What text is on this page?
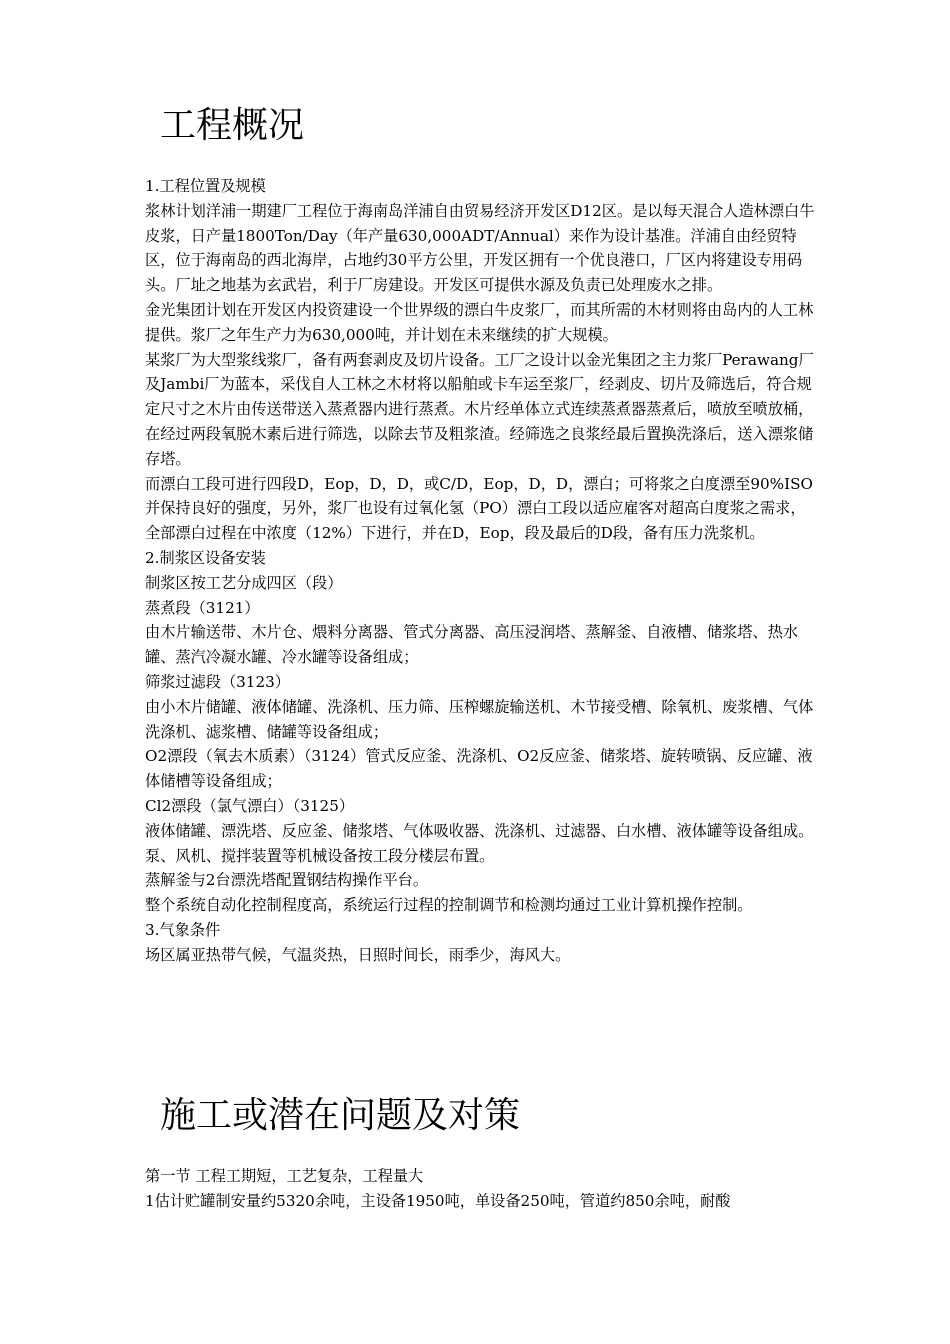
工程概况

1.工程位置及规模

浆林计划洋浦一期建厂工程位于海南岛洋浦自由贸易经济开发区D12区。是以每天混合人造林漂白牛皮浆，日产量1800Ton/Day（年产量630,000ADT/Annual）来作为设计基准。洋浦自由经贸特区，位于海南岛的西北海岸，占地约30平方公里，开发区拥有一个优良港口，厂区内将建设专用码头。厂址之地基为玄武岩，利于厂房建设。开发区可提供水源及负责已处理废水之排。

金光集团计划在开发区内投资建设一个世界级的漂白牛皮浆厂，而其所需的木材则将由岛内的人工林提供。浆厂之年生产力为630,000吨，并计划在未来继续的扩大规模。

某浆厂为大型浆线浆厂，备有两套剥皮及切片设备。工厂之设计以金光集团之主力浆厂Perawang厂及Jambi厂为蓝本，采伐自人工林之木材将以船舶或卡车运至浆厂，经剥皮、切片及筛选后，符合规定尺寸之木片由传送带送入蒸煮器内进行蒸煮。木片经单体立式连续蒸煮器蒸煮后，喷放至喷放桶，在经过两段氧脱木素后进行筛选，以除去节及粗浆渣。经筛选之良浆经最后置换洗涤后，送入漂浆储存塔。

而漂白工段可进行四段D，Eop，D，D，或C/D，Eop，D，D，漂白；可将浆之白度漂至90%ISO并保持良好的强度，另外，浆厂也设有过氧化氢（PO）漂白工段以适应雇客对超高白度浆之需求，全部漂白过程在中浓度（12%）下进行，并在D，Eop，段及最后的D段，备有压力洗浆机。

2.制浆区设备安装

制浆区按工艺分成四区（段）

蒸煮段（3121）

由木片输送带、木片仓、煨料分离器、管式分离器、高压浸润塔、蒸解釜、自液槽、储浆塔、热水罐、蒸汽冷凝水罐、冷水罐等设备组成；

筛浆过滤段（3123）

由小木片储罐、液体储罐、洗涤机、压力筛、压榨螺旋输送机、木节接受槽、除氧机、废浆槽、气体洗涤机、滤浆槽、储罐等设备组成；

O2漂段（氧去木质素）（3124）管式反应釜、洗涤机、O2反应釜、储浆塔、旋转喷锅、反应罐、液体储槽等设备组成；

Cl2漂段（氯气漂白）（3125）

液体储罐、漂洗塔、反应釜、储浆塔、气体吸收器、洗涤机、过滤器、白水槽、液体罐等设备组成。

泵、风机、搅拌装置等机械设备按工段分楼层布置。

蒸解釜与2台漂洗塔配置钢结构操作平台。

整个系统自动化控制程度高，系统运行过程的控制调节和检测均通过工业计算机操作控制。

3.气象条件

场区属亚热带气候，气温炎热，日照时间长，雨季少，海风大。

施工或潜在问题及对策

第一节 工程工期短，工艺复杂，工程量大

1估计贮罐制安量约5320余吨，主设备1950吨，单设备250吨，管道约850余吨，耐酸
